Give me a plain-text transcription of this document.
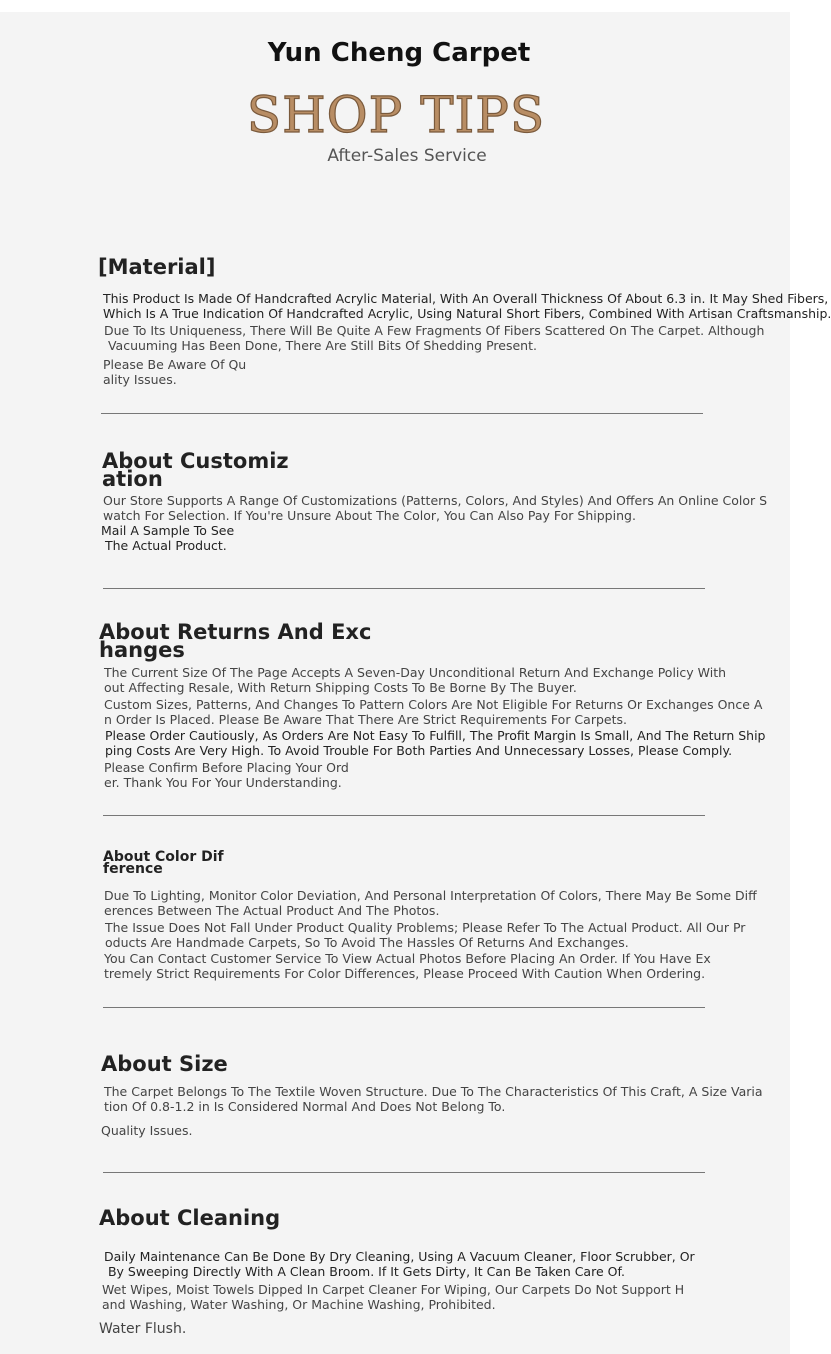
Yun Cheng Carpet
SHOP TIPS
After-Sales Service
[Material]

This Product Is Made Of Handcrafted Acrylic Material, With An Overall Thickness Of About 6.3 in. It May Shed Fibers,
Which Is A True Indication Of Handcrafted Acrylic, Using Natural Short Fibers, Combined With Artisan Craftsmanship.

Due To Its Uniqueness, There Will Be Quite A Few Fragments Of Fibers Scattered On The Carpet. Although
Vacuuming Has Been Done, There Are Still Bits Of Shedding Present.

Please Be Aware Of Qu
ality Issues.

About Customiz
ation

Our Store Supports A Range Of Customizations (Patterns, Colors, And Styles) And Offers An Online Color S
watch For Selection. If You're Unsure About The Color, You Can Also Pay For Shipping.

Mail A Sample To See
The Actual Product.

About Returns And Exc
hanges

The Current Size Of The Page Accepts A Seven-Day Unconditional Return And Exchange Policy With
out Affecting Resale, With Return Shipping Costs To Be Borne By The Buyer.

Custom Sizes, Patterns, And Changes To Pattern Colors Are Not Eligible For Returns Or Exchanges Once A
n Order Is Placed. Please Be Aware That There Are Strict Requirements For Carpets.

Please Order Cautiously, As Orders Are Not Easy To Fulfill, The Profit Margin Is Small, And The Return Ship
ping Costs Are Very High. To Avoid Trouble For Both Parties And Unnecessary Losses, Please Comply.

Please Confirm Before Placing Your Ord
er. Thank You For Your Understanding.

About Color Dif
ference

Due To Lighting, Monitor Color Deviation, And Personal Interpretation Of Colors, There May Be Some Diff
erences Between The Actual Product And The Photos.

The Issue Does Not Fall Under Product Quality Problems; Please Refer To The Actual Product. All Our Pr
oducts Are Handmade Carpets, So To Avoid The Hassles Of Returns And Exchanges.

You Can Contact Customer Service To View Actual Photos Before Placing An Order. If You Have Ex
tremely Strict Requirements For Color Differences, Please Proceed With Caution When Ordering.

About Size

The Carpet Belongs To The Textile Woven Structure. Due To The Characteristics Of This Craft, A Size Varia
tion Of 0.8-1.2 in Is Considered Normal And Does Not Belong To.

Quality Issues.

About Cleaning

Daily Maintenance Can Be Done By Dry Cleaning, Using A Vacuum Cleaner, Floor Scrubber, Or
By Sweeping Directly With A Clean Broom. If It Gets Dirty, It Can Be Taken Care Of.

Wet Wipes, Moist Towels Dipped In Carpet Cleaner For Wiping, Our Carpets Do Not Support H
and Washing, Water Washing, Or Machine Washing, Prohibited.

Water Flush.
